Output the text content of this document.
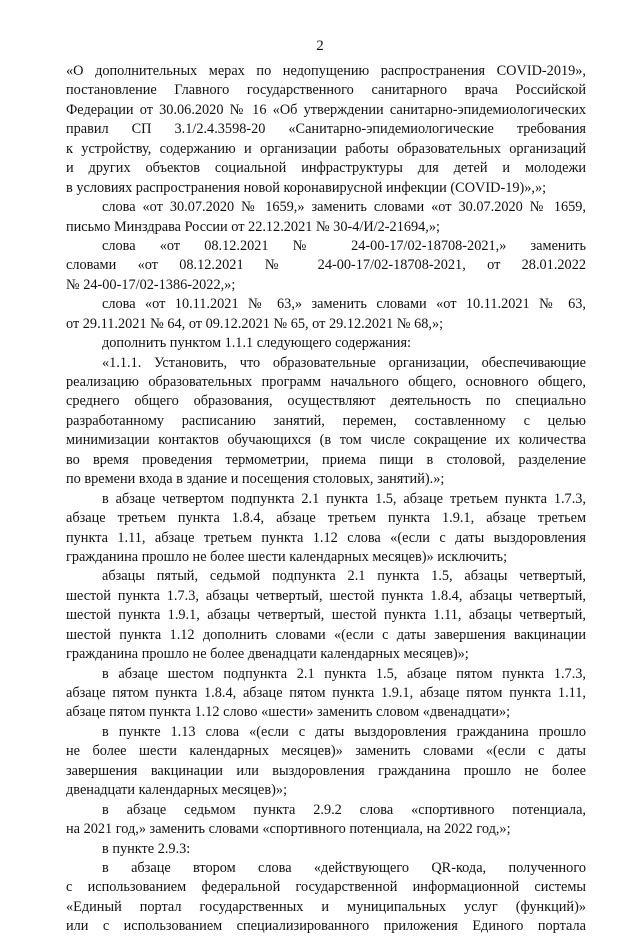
2
«О дополнительных мерах по недопущению распространения COVID-2019»,
постановление Главного государственного санитарного врача Российской
Федерации от 30.06.2020 № 16 «Об утверждении санитарно-эпидемиологических
правил СП 3.1/2.4.3598-20 «Санитарно-эпидемиологические требования
к устройству, содержанию и организации работы образовательных организаций
и других объектов социальной инфраструктуры для детей и молодежи
в условиях распространения новой коронавирусной инфекции (COVID-19)»,»;
слова «от 30.07.2020 № 1659,» заменить словами «от 30.07.2020 № 1659,
письмо Минздрава России от 22.12.2021 № 30-4/И/2-21694,»;
слова «от 08.12.2021 № 24-00-17/02-18708-2021,» заменить
словами «от 08.12.2021 № 24-00-17/02-18708-2021, от 28.01.2022
№ 24-00-17/02-1386-2022,»;
слова «от 10.11.2021 № 63,» заменить словами «от 10.11.2021 № 63,
от 29.11.2021 № 64, от 09.12.2021 № 65, от 29.12.2021 № 68,»;
дополнить пунктом 1.1.1 следующего содержания:
«1.1.1. Установить, что образовательные организации, обеспечивающие
реализацию образовательных программ начального общего, основного общего,
среднего общего образования, осуществляют деятельность по специально
разработанному расписанию занятий, перемен, составленному с целью
минимизации контактов обучающихся (в том числе сокращение их количества
во время проведения термометрии, приема пищи в столовой, разделение
по времени входа в здание и посещения столовых, занятий).»;
в абзаце четвертом подпункта 2.1 пункта 1.5, абзаце третьем пункта 1.7.3,
абзаце третьем пункта 1.8.4, абзаце третьем пункта 1.9.1, абзаце третьем
пункта 1.11, абзаце третьем пункта 1.12 слова «(если с даты выздоровления
гражданина прошло не более шести календарных месяцев)» исключить;
абзацы пятый, седьмой подпункта 2.1 пункта 1.5, абзацы четвертый,
шестой пункта 1.7.3, абзацы четвертый, шестой пункта 1.8.4, абзацы четвертый,
шестой пункта 1.9.1, абзацы четвертый, шестой пункта 1.11, абзацы четвертый,
шестой пункта 1.12 дополнить словами «(если с даты завершения вакцинации
гражданина прошло не более двенадцати календарных месяцев)»;
в абзаце шестом подпункта 2.1 пункта 1.5, абзаце пятом пункта 1.7.3,
абзаце пятом пункта 1.8.4, абзаце пятом пункта 1.9.1, абзаце пятом пункта 1.11,
абзаце пятом пункта 1.12 слово «шести» заменить словом «двенадцати»;
в пункте 1.13 слова «(если с даты выздоровления гражданина прошло
не более шести календарных месяцев)» заменить словами «(если с даты
завершения вакцинации или выздоровления гражданина прошло не более
двенадцати календарных месяцев)»;
в абзаце седьмом пункта 2.9.2 слова «спортивного потенциала,
на 2021 год,» заменить словами «спортивного потенциала, на 2022 год,»;
в пункте 2.9.3:
в абзаце втором слова «действующего QR-кода, полученного
с использованием федеральной государственной информационной системы
«Единый портал государственных и муниципальных услуг (функций)»
или с использованием специализированного приложения Единого портала
